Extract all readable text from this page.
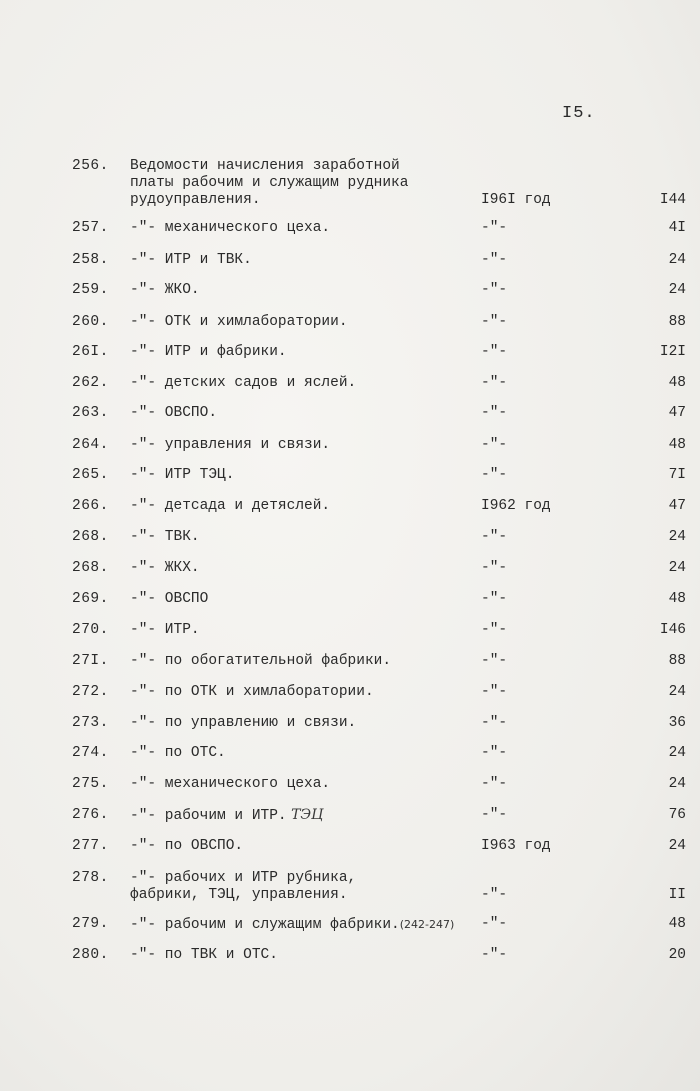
I5.
256. Ведомости начисления заработной
платы рабочим и служащим рудника
рудоуправления.	I96I год	I44
257. -"- механического цеха.	-"-	4I
258. -"- ИТР и ТВК.	-"-	24
259. -"- ЖКО.	-"-	24
260. -"- ОТК и химлаборатории.	-"-	88
26I. -"- ИТР и фабрики.	-"-	I2I
262. -"- детских садов и яслей.	-"-	48
263. -"- ОВСПО.	-"-	47
264. -"- управления и связи.	-"-	48
265. -"- ИТР ТЭЦ.	-"-	7I
266. -"- детсада и детяслей.	I962 год	47
268. -"- ТВК.	-"-	24
268. -"- ЖКХ.	-"-	24
269. -"- ОВСПО	-"-	48
270. -"- ИТР.	-"-	I46
27I. -"- по обогатительной фабрики.	-"-	88
272. -"- по ОТК и химлаборатории.	-"-	24
273. -"- по управлению и связи.	-"-	36
274. -"- по ОТС.	-"-	24
275. -"- механического цеха.	-"-	24
276. -"- рабочим и ИТР. ТЭЦ	-"-	76
277. -"- по ОВСПО.	I963 год	24
278. -"- рабочих и ИТР рубника,
фабрики, ТЭЦ, управления.	-"-	II
279. -"- рабочим и служащим фабрики.(242-247) -"-	48
280. -"- по ТВК и ОТС.	-"-	20
